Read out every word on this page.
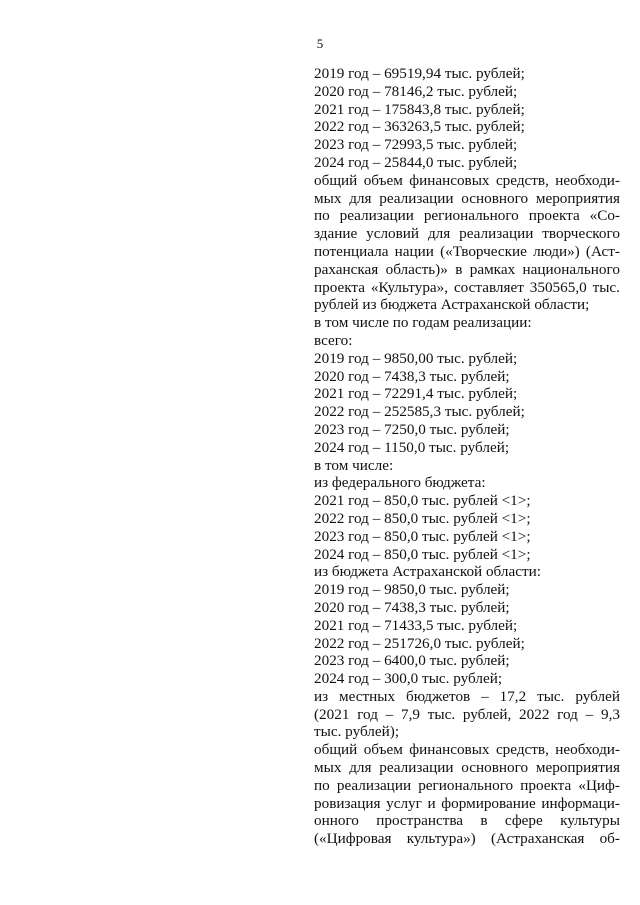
5
2019 год – 69519,94 тыс. рублей;
2020 год – 78146,2 тыс. рублей;
2021 год – 175843,8 тыс. рублей;
2022 год – 363263,5 тыс. рублей;
2023 год – 72993,5 тыс. рублей;
2024 год – 25844,0 тыс. рублей;
общий объем финансовых средств, необходи-
мых для реализации основного мероприятия
по реализации регионального проекта «Со-
здание условий для реализации творческого
потенциала нации («Творческие люди») (Аст-
раханская область)» в рамках национального
проекта «Культура», составляет 350565,0 тыс.
рублей из бюджета Астраханской области;
в том числе по годам реализации:
всего:
2019 год – 9850,00 тыс. рублей;
2020 год – 7438,3 тыс. рублей;
2021 год – 72291,4 тыс. рублей;
2022 год – 252585,3 тыс. рублей;
2023 год – 7250,0 тыс. рублей;
2024 год – 1150,0 тыс. рублей;
в том числе:
из федерального бюджета:
2021 год – 850,0 тыс. рублей <1>;
2022 год – 850,0 тыс. рублей <1>;
2023 год – 850,0 тыс. рублей <1>;
2024 год – 850,0 тыс. рублей <1>;
из бюджета Астраханской области:
2019 год – 9850,0 тыс. рублей;
2020 год – 7438,3 тыс. рублей;
2021 год – 71433,5 тыс. рублей;
2022 год – 251726,0 тыс. рублей;
2023 год – 6400,0 тыс. рублей;
2024 год – 300,0 тыс. рублей;
из местных бюджетов – 17,2 тыс. рублей
(2021 год – 7,9 тыс. рублей, 2022 год – 9,3
тыс. рублей);
общий объем финансовых средств, необходи-
мых для реализации основного мероприятия
по реализации регионального проекта «Циф-
ровизация услуг и формирование информаци-
онного пространства в сфере культуры
(«Цифровая культура») (Астраханская об-
